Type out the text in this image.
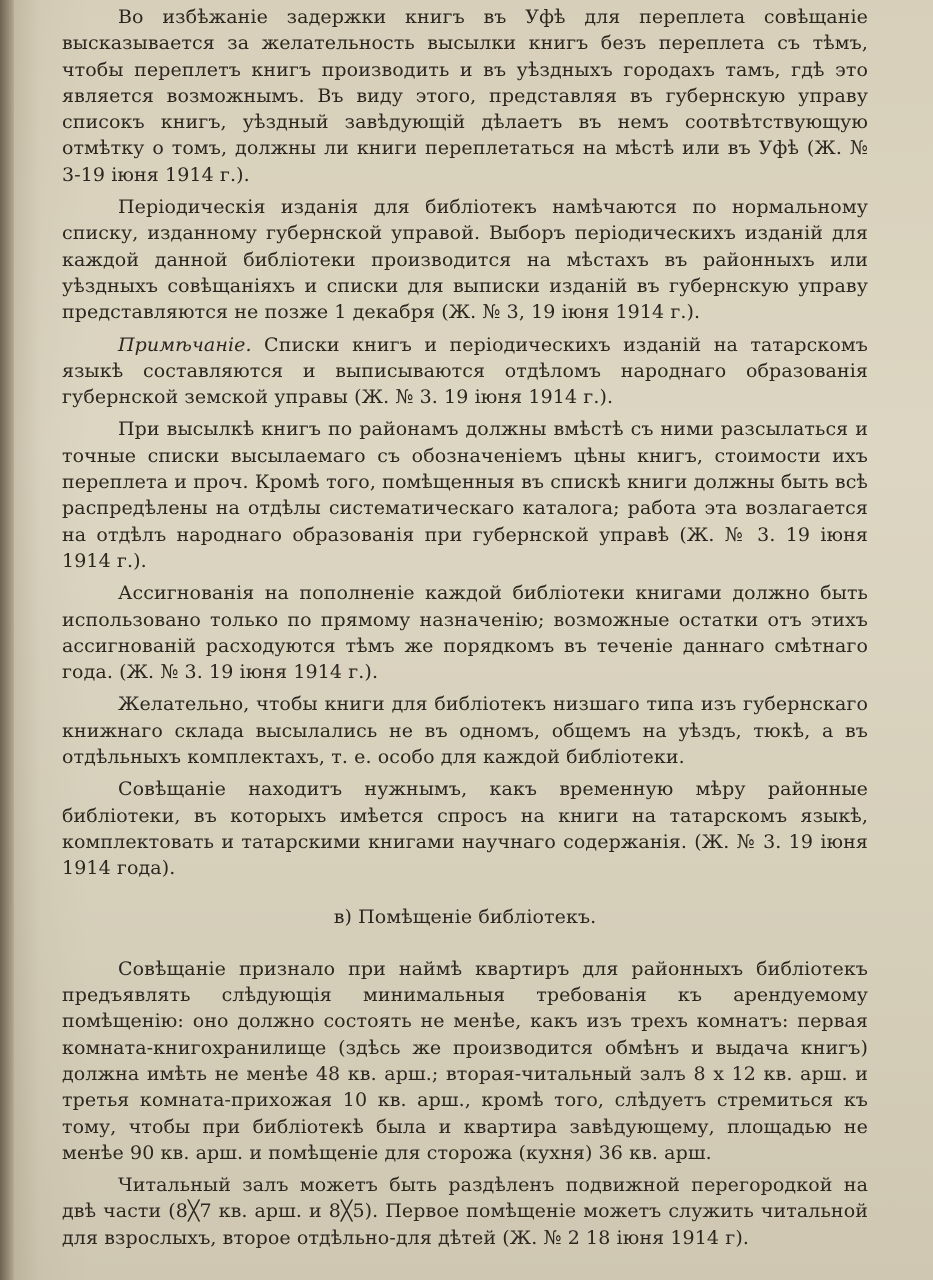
Во избѣжаніе задержки книгъ въ Уфѣ для переплета совѣщаніе высказывается за желательность высылки книгъ безъ переплета съ тѣмъ, чтобы переплетъ книгъ производить и въ уѣздныхъ городахъ тамъ, гдѣ это является возможнымъ. Въ виду этого, представляя въ губернскую управу списокъ книгъ, уѣздный завѣдующій дѣлаетъ въ немъ соотвѣтствующую отмѣтку о томъ, должны ли книги переплетаться на мѣстѣ или въ Уфѣ (Ж. № 3-19 іюня 1914 г.).

Періодическія изданія для библіотекъ намѣчаются по нормальному списку, изданному губернской управой. Выборъ періодическихъ изданій для каждой данной библіотеки производится на мѣстахъ въ районныхъ или уѣздныхъ совѣщаніяхъ и списки для выписки изданій въ губернскую управу представляются не позже 1 декабря (Ж. № 3, 19 іюня 1914 г.).

Примѣчаніе. Списки книгъ и періодическихъ изданій на татарскомъ языкѣ составляются и выписываются отдѣломъ народнаго образованія губернской земской управы (Ж. № 3. 19 іюня 1914 г.).

При высылкѣ книгъ по районамъ должны вмѣстѣ съ ними разсылаться и точные списки высылаемаго съ обозначеніемъ цѣны книгъ, стоимости ихъ переплета и проч. Кромѣ того, помѣщенныя въ спискѣ книги должны быть всѣ распредѣлены на отдѣлы систематическаго каталога; работа эта возлагается на отдѣлъ народнаго образованія при губернской управѣ (Ж. № 3. 19 іюня 1914 г.).

Ассигнованія на пополненіе каждой библіотеки книгами должно быть использовано только по прямому назначенію; возможные остатки отъ этихъ ассигнованій расходуются тѣмъ же порядкомъ въ теченіе даннаго смѣтнаго года. (Ж. № 3. 19 іюня 1914 г.).

Желательно, чтобы книги для библіотекъ низшаго типа изъ губернскаго книжнаго склада высылались не въ одномъ, общемъ на уѣздъ, тюкѣ, а въ отдѣльныхъ комплектахъ, т. е. особо для каждой библіотеки.

Совѣщаніе находитъ нужнымъ, какъ временную мѣру районные библіотеки, въ которыхъ имѣется спросъ на книги на татарскомъ языкѣ, комплектовать и татарскими книгами научнаго содержанія. (Ж. № 3. 19 іюня 1914 года).

в) Помѣщеніе библіотекъ.

Совѣщаніе признало при наймѣ квартиръ для районныхъ библіотекъ предъявлять слѣдующія минимальныя требованія къ арендуемому помѣщенію: оно должно состоять не менѣе, какъ изъ трехъ комнатъ: первая комната-книгохранилище (здѣсь же производится обмѣнъ и выдача книгъ) должна имѣть не менѣе 48 кв. арш.; вторая-читальный залъ 8 х 12 кв. арш. и третья комната-прихожая 10 кв. арш., кромѣ того, слѣдуетъ стремиться къ тому, чтобы при библіотекѣ была и квартира завѣдующему, площадью не менѣе 90 кв. арш. и помѣщеніе для сторожа (кухня) 36 кв. арш.

Читальный залъ можетъ быть раздѣленъ подвижной перегородкой на двѣ части (8╳7 кв. арш. и 8╳5). Первое помѣщеніе можетъ служить читальной для взрослыхъ, второе отдѣльно-для дѣтей (Ж. № 2 18 іюня 1914 г).
